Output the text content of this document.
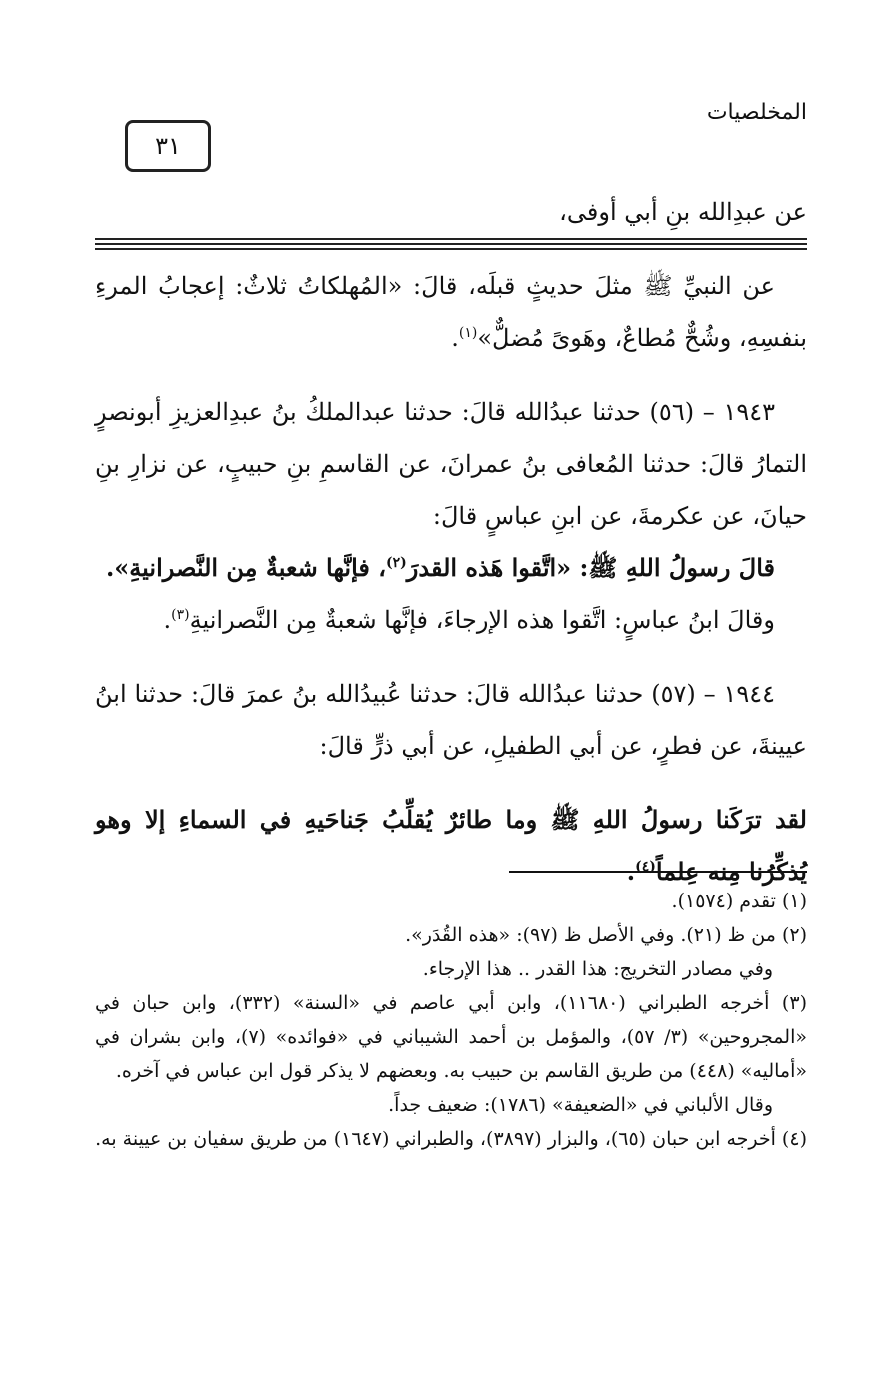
المخلصيات
٣١

عن عبدِالله بنِ أبي أوفى،

عن النبيِّ ﷺ مثلَ حديثٍ قبلَه، قالَ: «المُهلكاتُ ثلاثٌ: إعجابُ المرءِ بنفسِهِ، وشُحٌّ مُطاعٌ، وهَوىً مُضلٌّ»$^{(١)}$.

١٩٤٣ – (٥٦) حدثنا عبدُالله قالَ: حدثنا عبدالملكُ بنُ عبدِالعزيزِ أبونصرٍ التمارُ قالَ: حدثنا المُعافى بنُ عمرانَ، عن القاسمِ بنِ حبيبٍ، عن نزارِ بنِ حيانَ، عن عكرمةَ، عن ابنِ عباسٍ قالَ:

قالَ رسولُ اللهِ ﷺ: «اتَّقوا هَذه القدرَ$^{(٢)}$، فإنَّها شعبةٌ مِن النَّصرانيةِ».

وقالَ ابنُ عباسٍ: اتَّقوا هذه الإرجاءَ، فإنَّها شعبةٌ مِن النَّصرانيةِ$^{(٣)}$.

١٩٤٤ – (٥٧) حدثنا عبدُالله قالَ: حدثنا عُبيدُالله بنُ عمرَ قالَ: حدثنا ابنُ عيينةَ، عن فطرٍ، عن أبي الطفيلِ، عن أبي ذرٍّ قالَ:

لقد ترَكَنا رسولُ اللهِ ﷺ وما طائرٌ يُقلِّبُ جَناحَيهِ في السماءِ إلا وهو يُذكِّرُنا مِنه عِلماً$^{(٤)}$.

(١) تقدم (١٥٧٤).

(٢) من ظ (٢١). وفي الأصل ظ (٩٧): «هذه القُدَر».

وفي مصادر التخريج: هذا القدر .. هذا الإرجاء.

(٣) أخرجه الطبراني (١١٦٨٠)، وابن أبي عاصم في «السنة» (٣٣٢)، وابن حبان في «المجروحين» (٣/ ٥٧)، والمؤمل بن أحمد الشيباني في «فوائده» (٧)، وابن بشران في «أماليه» (٤٤٨) من طريق القاسم بن حبيب به. وبعضهم لا يذكر قول ابن عباس في آخره.

وقال الألباني في «الضعيفة» (١٧٨٦): ضعيف جداً.

(٤) أخرجه ابن حبان (٦٥)، والبزار (٣٨٩٧)، والطبراني (١٦٤٧) من طريق سفيان بن عيينة به.
